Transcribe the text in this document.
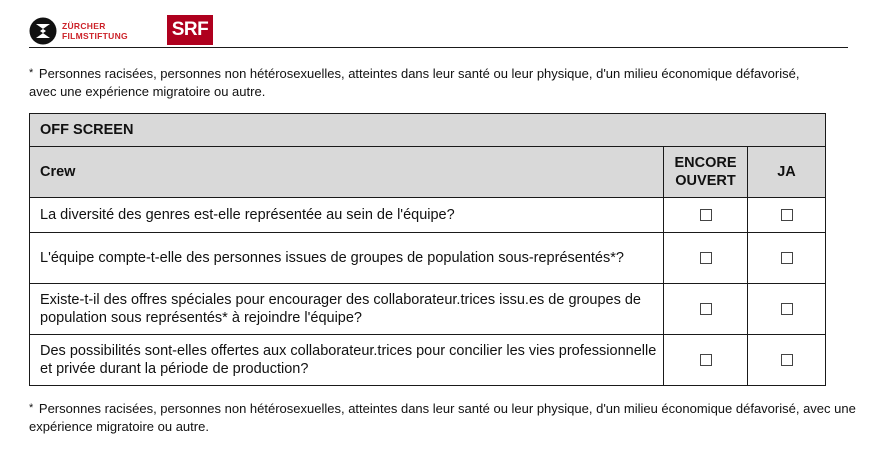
ZÜRCHER
FILMSTIFTUNG SRF
* Personnes racisées, personnes non hétérosexuelles, atteintes dans leur santé ou leur physique, d'un milieu économique défavorisé, avec une expérience migratoire ou autre.
OFF SCREEN		
Crew	ENCORE OUVERT	JA
La diversité des genres est-elle représentée au sein de l'équipe?		
L'équipe compte-t-elle des personnes issues de groupes de population sous-représentés*?		
Existe-t-il des offres spéciales pour encourager des collaborateur.trices issu.es de groupes de population sous représentés* à rejoindre l'équipe?		
Des possibilités sont-elles offertes aux collaborateur.trices pour concilier les vies professionnelle et privée durant la période de production?		
* Personnes racisées, personnes non hétérosexuelles, atteintes dans leur santé ou leur physique, d'un milieu économique défavorisé, avec une expérience migratoire ou autre.
